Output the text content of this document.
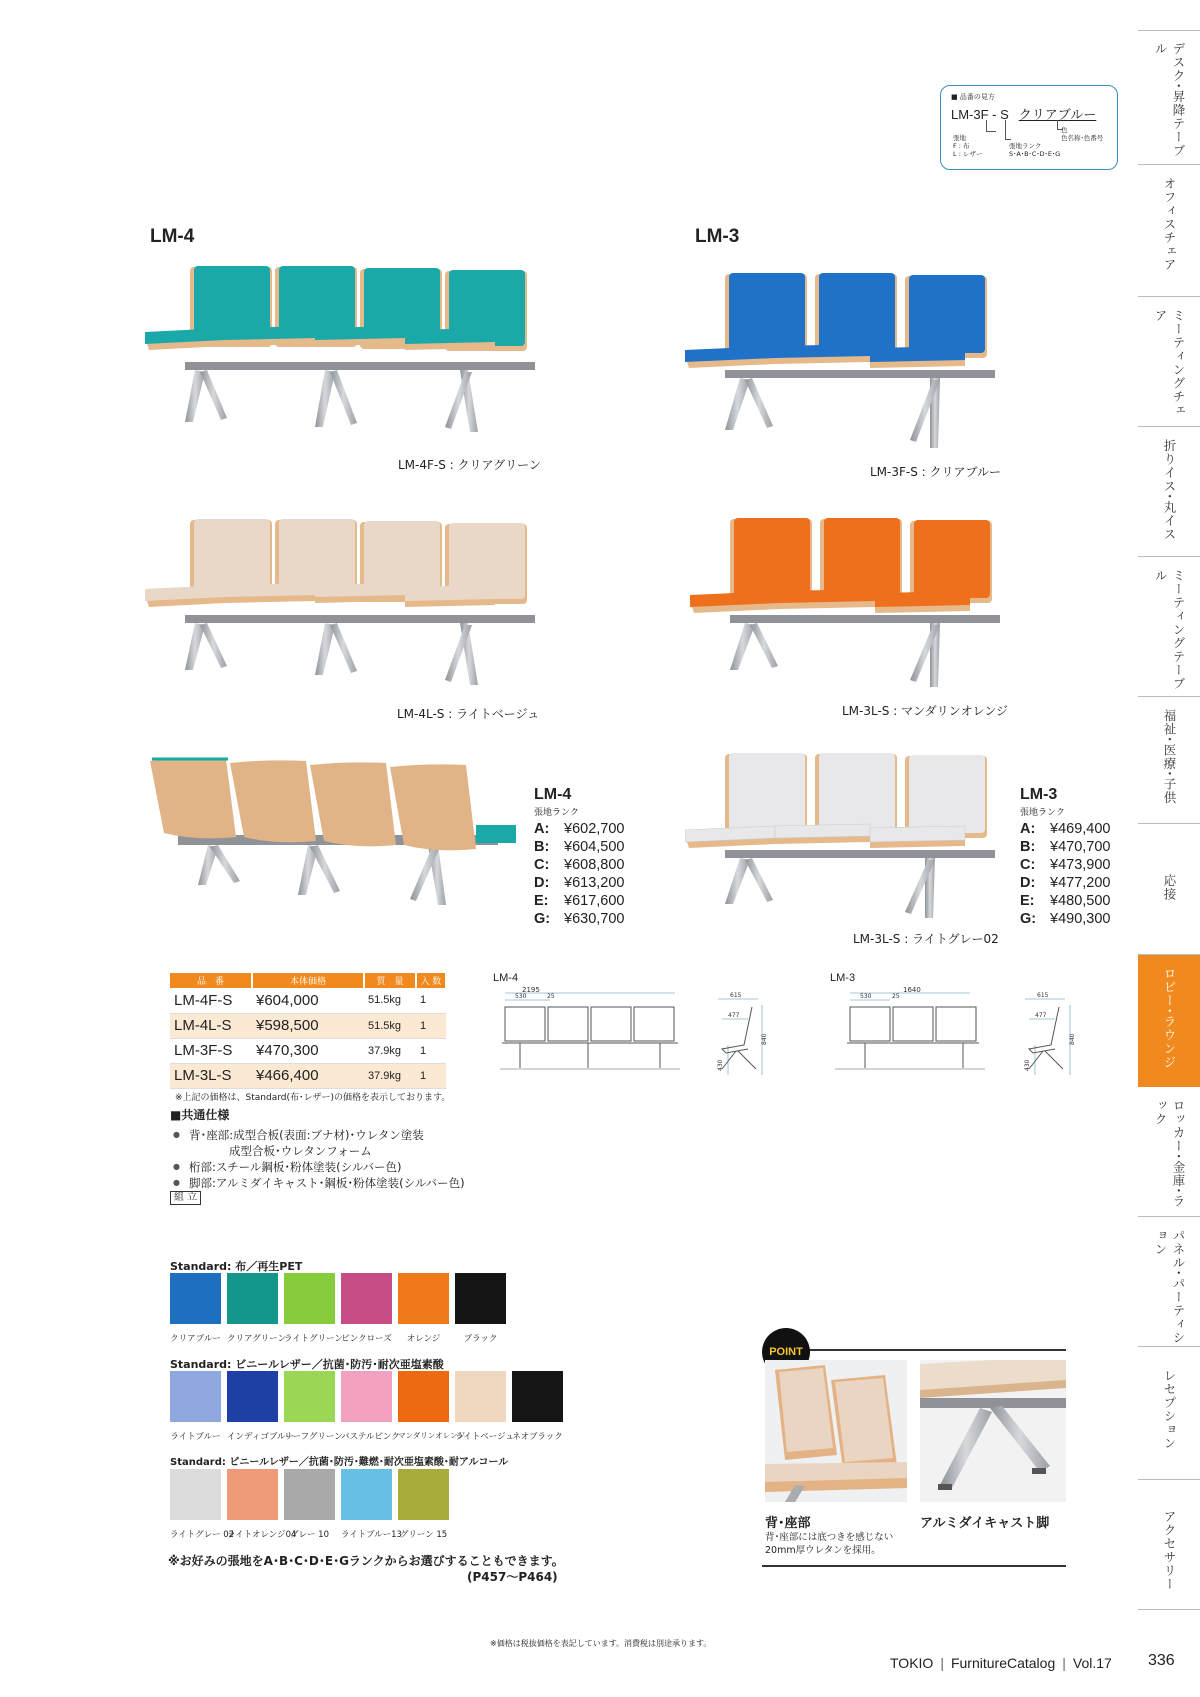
デスク･昇降テーブル
オフィスチェア
ミーティングチェア
折りイス･丸イス
ミーティングテーブル
福祉･医療･子供
応接
ロビー･ラウンジ
ロッカー･金庫･ラック
パネル･パーティション
レセプション
アクセサリー
■ 品番の見方
LM-3F - S クリアブルー
張地
F : 布
L : レザー
張地ランク
S･A･B･C･D･E･G
色
色名称･色番号
LM-4	LM-3
LM-4F-S : クリアグリーン	LM-3F-S : クリアブルー
LM-4L-S : ライトベージュ	LM-3L-S : マンダリンオレンジ
LM-4
張地ランク
A: ¥602,700
B: ¥604,500
C: ¥608,800
D: ¥613,200
E: ¥617,600
G: ¥630,700
LM-3
張地ランク
A: ¥469,400
B: ¥470,700
C: ¥473,900
D: ¥477,200
E: ¥480,500
G: ¥490,300
LM-3L-S : ライトグレー02
品　番	本体価格	質　量	入 数
LM-4F-S	¥604,000	51.5kg	1
LM-4L-S	¥598,500	51.5kg	1
LM-3F-S	¥470,300	37.9kg	1
LM-3L-S	¥466,400	37.9kg	1
※上記の価格は、Standard(布･レザー)の価格を表示しております。
■共通仕様
● 背･座部:成型合板(表面:ブナ材)･ウレタン塗装
成型合板･ウレタンフォーム
● 桁部:スチール鋼板･粉体塗装(シルバー色)
● 脚部:アルミダイキャスト･鋼板･粉体塗装(シルバー色)
組 立
LM-4
2195
530	25	615
477
840
430
LM-3
1640
530	25	615
477
840
430
Standard: 布／再生PET
クリアブルー クリアグリーン
ライトグリーン
ピンクローズ	オレンジ	ブラック
Standard: ビニールレザー／抗菌･防汚･耐次亜塩素酸
ライトブルー インディゴブルー
リーフグリーン
パステルピンク
マンダリンオレンジ
ライトベージュ
ネオブラック
Standard: ビニールレザー／抗菌･防汚･難燃･耐次亜塩素酸･耐アルコール
ライトグレー 02
ライトオレンジ04
グレー 10	ライトブルー13
グリーン 15
※お好みの張地をA･B･C･D･E･Gランクからお選びすることもできます。
(P457～P464)
POINT
背･座部	アルミダイキャスト脚
背･座部には底つきを感じない
20mm厚ウレタンを採用。
※価格は税抜価格を表記しています。消費税は別途承ります。
TOKIO | FurnitureCatalog | Vol.17 336
